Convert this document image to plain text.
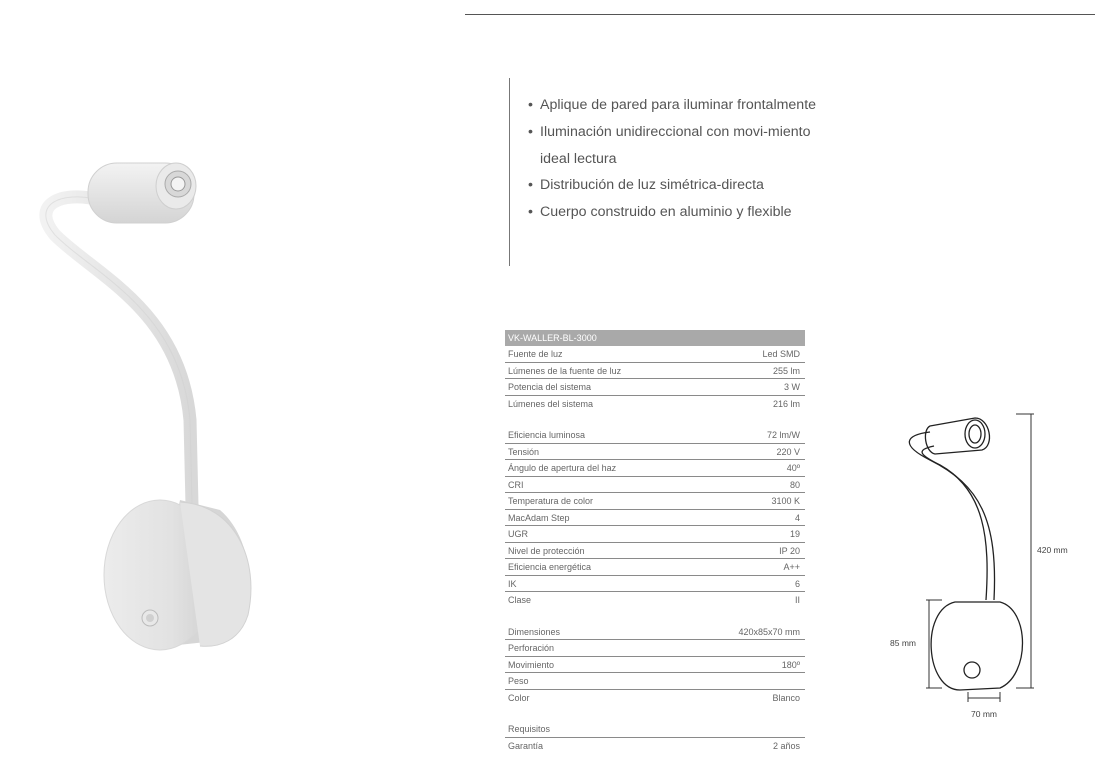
• Aplique de pared para iluminar frontalmente
• Iluminación unidireccional con movi-miento ideal lectura
• Distribución de luz simétrica-directa
• Cuerpo construido en aluminio y flexible
VK-WALLER-BL-3000
Fuente de luz	Led SMD
Lúmenes de la fuente de luz	255 lm
Potencia del sistema	3 W
Lúmenes del sistema	216 lm
Eficiencia luminosa	72 lm/W
Tensión	220 V
Ángulo de apertura del haz	40º
CRI	80
Temperatura de color	3100 K
MacAdam Step	4
UGR	19
Nivel de protección	IP 20
Eficiencia energética	A++
IK	6
Clase	II
Dimensiones	420x85x70 mm
Perforación
Movimiento	180º
Peso
Color	Blanco
Requisitos
Garantía	2 años
420 mm
85 mm
70 mm
